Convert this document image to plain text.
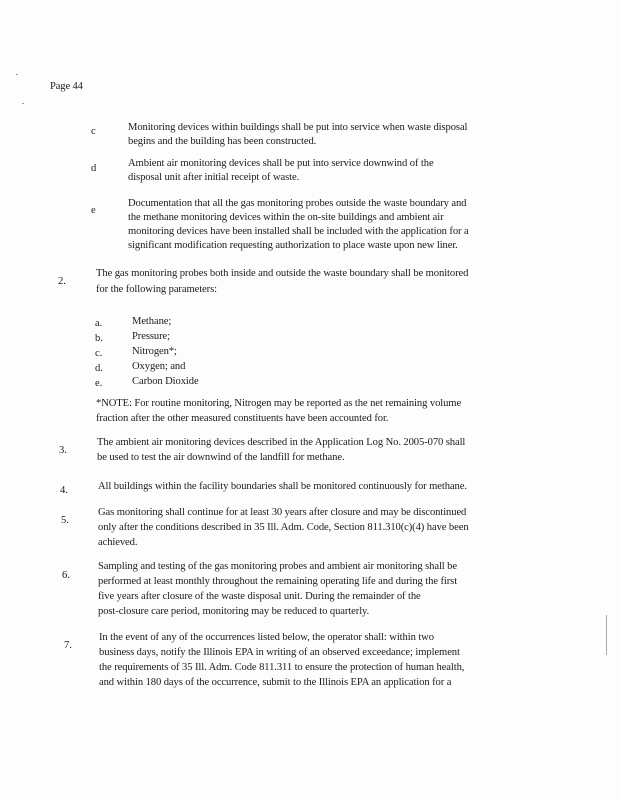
Page 44
c	Monitoring devices within buildings shall be put into service when waste disposal
begins and the building has been constructed.
d	Ambient air monitoring devices shall be put into service downwind of the
disposal unit after initial receipt of waste.
e
Documentation that all the gas monitoring probes outside the waste boundary and
the methane monitoring devices within the on-site buildings and ambient air
monitoring devices have been installed shall be included with the application for a
significant modification requesting authorization to place waste upon new liner.
2.
The gas monitoring probes both inside and outside the waste boundary shall be monitored
for the following parameters:
a.	Methane;
b.	Pressure;
c.	Nitrogen*;
d.	Oxygen; and
e.	Carbon Dioxide
*NOTE: For routine monitoring, Nitrogen may be reported as the net remaining volume
fraction after the other measured constituents have been accounted for.
3.
The ambient air monitoring devices described in the Application Log No. 2005-070 shall
be used to test the air downwind of the landfill for methane.
4.	All buildings within the facility boundaries shall be monitored continuously for methane.
5.
Gas monitoring shall continue for at least 30 years after closure and may be discontinued
only after the conditions described in 35 Ill. Adm. Code, Section 811.310(c)(4) have been
achieved.
6.
Sampling and testing of the gas monitoring probes and ambient air monitoring shall be
performed at least monthly throughout the remaining operating life and during the first
five years after closure of the waste disposal unit. During the remainder of the
post-closure care period, monitoring may be reduced to quarterly.
7.
In the event of any of the occurrences listed below, the operator shall: within two
business days, notify the Illinois EPA in writing of an observed exceedance; implement
the requirements of 35 Ill. Adm. Code 811.311 to ensure the protection of human health,
and within 180 days of the occurrence, submit to the Illinois EPA an application for a
